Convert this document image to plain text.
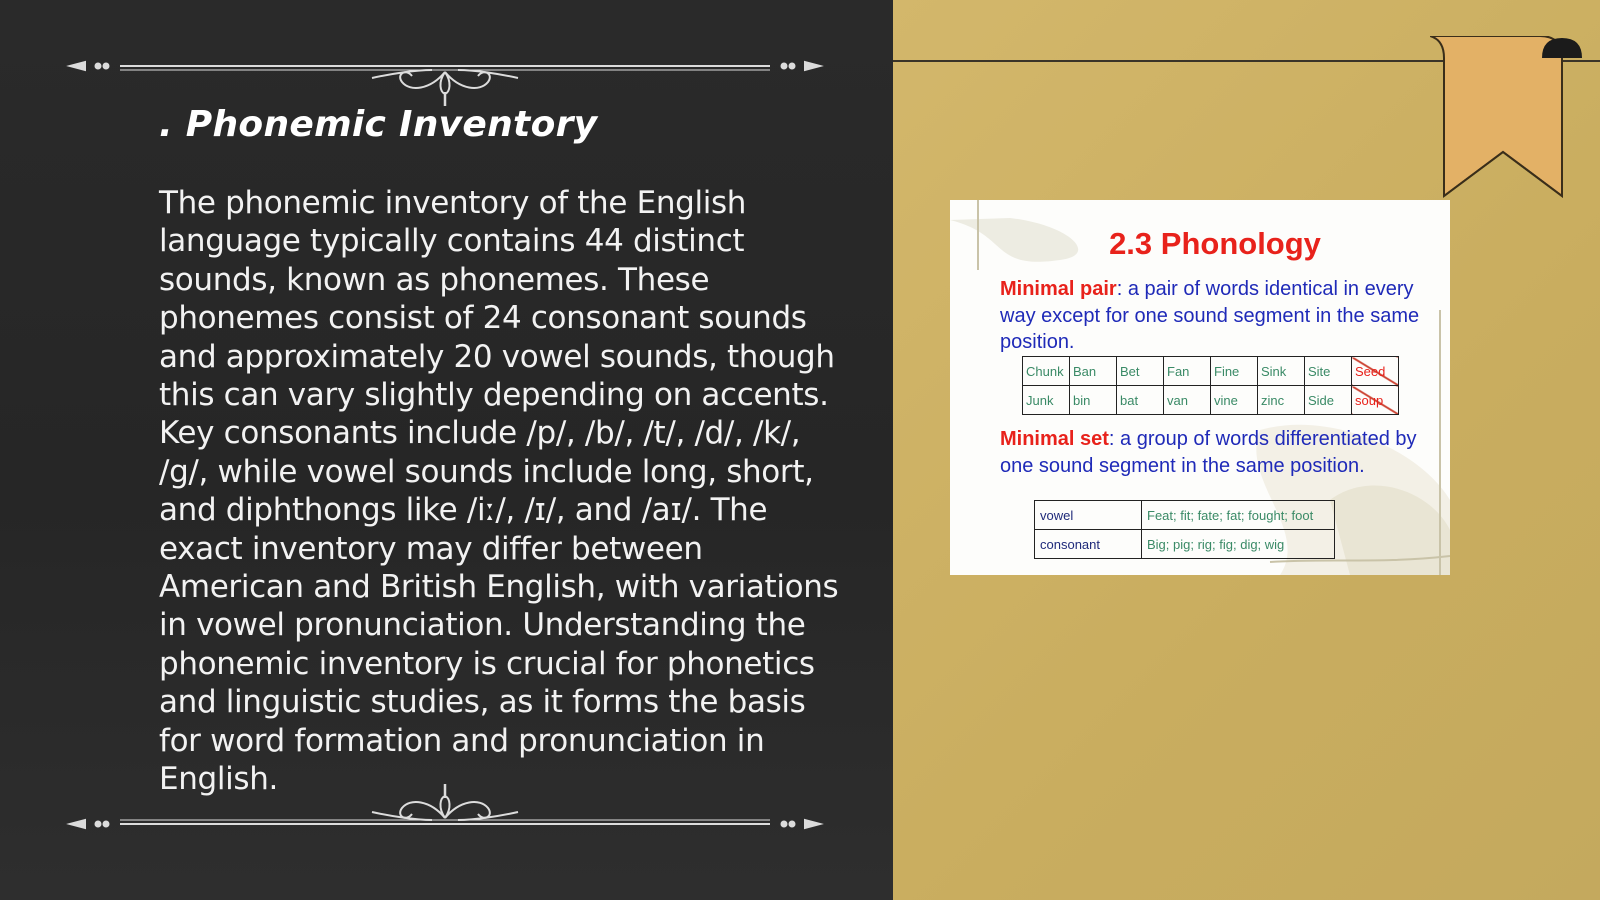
. Phonemic Inventory

The phonemic inventory of the English language typically contains 44 distinct sounds, known as phonemes. These phonemes consist of 24 consonant sounds and approximately 20 vowel sounds, though this can vary slightly depending on accents. Key consonants include /p/, /b/, /t/, /d/, /k/, /g/, while vowel sounds include long, short, and diphthongs like /iː/, /ɪ/, and /aɪ/. The exact inventory may differ between American and British English, with variations in vowel pronunciation. Understanding the phonemic inventory is crucial for phonetics and linguistic studies, as it forms the basis for word formation and pronunciation in English.

2.3 Phonology

Minimal pair: a pair of words identical in every way except for one sound segment in the same position.

Chunk	Ban	Bet	Fan	Fine	Sink	Site	Seed
Junk	bin	bat	van	vine	zinc	Side	soup

Minimal set: a group of words differentiated by one sound segment in the same position.

vowel	Feat; fit; fate; fat; fought; foot
consonant	Big; pig; rig; fig; dig; wig
